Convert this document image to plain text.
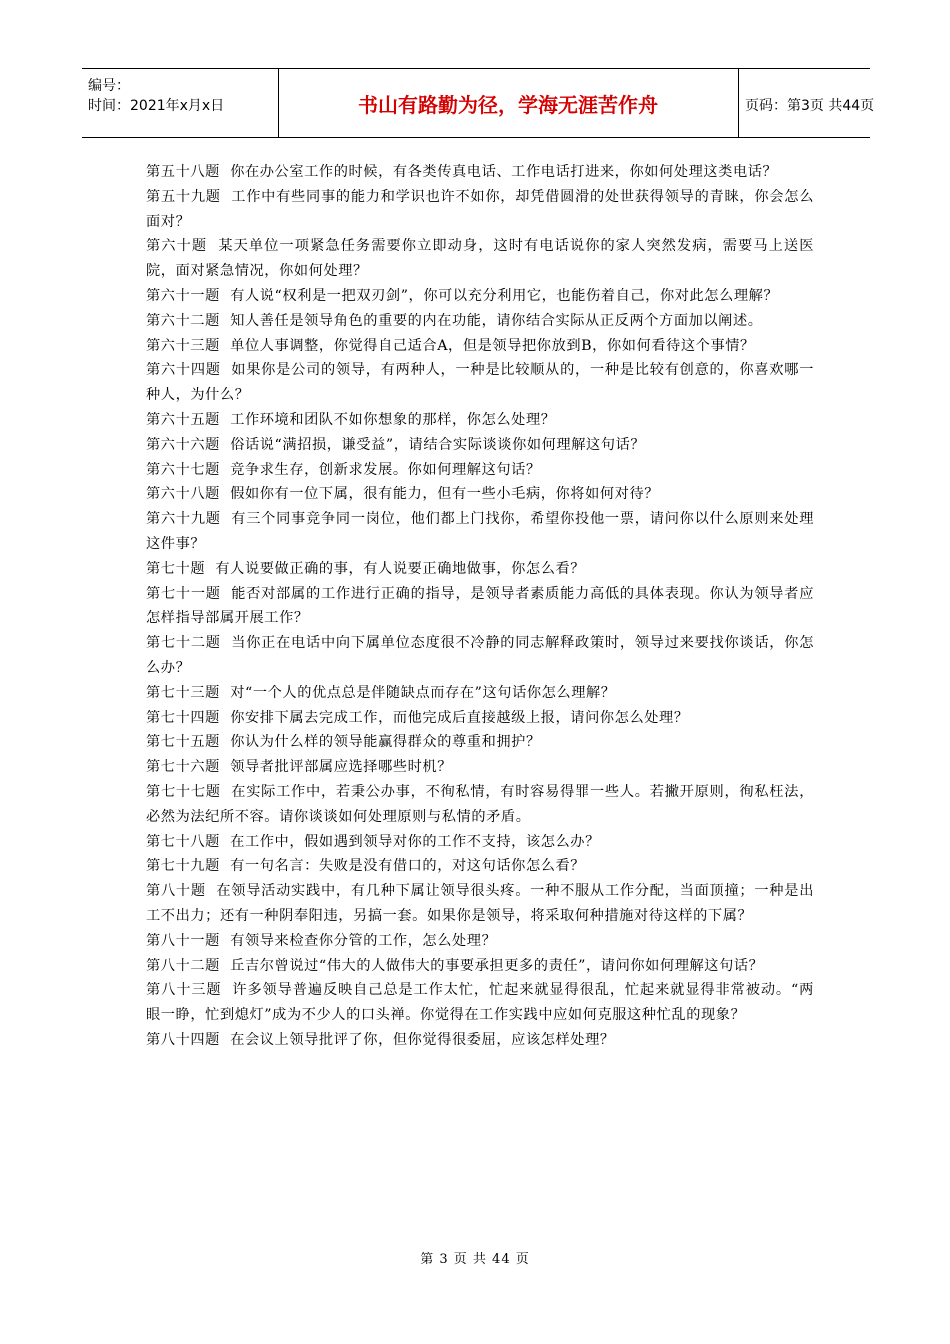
编号：
时间：2021年x月x日	书山有路勤为径，学海无涯苦作舟	页码：第3页 共44页

第五十八题 你在办公室工作的时候，有各类传真电话、工作电话打进来，你如何处理这类电话？

第五十九题 工作中有些同事的能力和学识也许不如你，却凭借圆滑的处世获得领导的青睐，你会怎么面对？

第六十题 某天单位一项紧急任务需要你立即动身，这时有电话说你的家人突然发病，需要马上送医院，面对紧急情况，你如何处理？

第六十一题 有人说“权利是一把双刃剑”，你可以充分利用它，也能伤着自己，你对此怎么理解？

第六十二题 知人善任是领导角色的重要的内在功能，请你结合实际从正反两个方面加以阐述。

第六十三题 单位人事调整，你觉得自己适合A，但是领导把你放到B，你如何看待这个事情？

第六十四题 如果你是公司的领导，有两种人，一种是比较顺从的，一种是比较有创意的，你喜欢哪一种人，为什么？

第六十五题 工作环境和团队不如你想象的那样，你怎么处理？

第六十六题 俗话说“满招损，谦受益”，请结合实际谈谈你如何理解这句话？

第六十七题 竞争求生存，创新求发展。你如何理解这句话？

第六十八题 假如你有一位下属，很有能力，但有一些小毛病，你将如何对待？

第六十九题 有三个同事竞争同一岗位，他们都上门找你，希望你投他一票，请问你以什么原则来处理这件事？

第七十题 有人说要做正确的事，有人说要正确地做事，你怎么看？

第七十一题 能否对部属的工作进行正确的指导，是领导者素质能力高低的具体表现。你认为领导者应怎样指导部属开展工作？

第七十二题 当你正在电话中向下属单位态度很不冷静的同志解释政策时，领导过来要找你谈话，你怎么办？

第七十三题 对“一个人的优点总是伴随缺点而存在”这句话你怎么理解？

第七十四题 你安排下属去完成工作，而他完成后直接越级上报，请问你怎么处理？

第七十五题 你认为什么样的领导能赢得群众的尊重和拥护？

第七十六题 领导者批评部属应选择哪些时机？

第七十七题 在实际工作中，若秉公办事，不徇私情，有时容易得罪一些人。若撇开原则，徇私枉法，必然为法纪所不容。请你谈谈如何处理原则与私情的矛盾。

第七十八题 在工作中，假如遇到领导对你的工作不支持，该怎么办？

第七十九题 有一句名言：失败是没有借口的，对这句话你怎么看？

第八十题 在领导活动实践中，有几种下属让领导很头疼。一种不服从工作分配，当面顶撞；一种是出工不出力；还有一种阴奉阳违，另搞一套。如果你是领导，将采取何种措施对待这样的下属？

第八十一题 有领导来检查你分管的工作，怎么处理？

第八十二题 丘吉尔曾说过“伟大的人做伟大的事要承担更多的责任”，请问你如何理解这句话？

第八十三题 许多领导普遍反映自己总是工作太忙，忙起来就显得很乱，忙起来就显得非常被动。“两眼一睁，忙到熄灯”成为不少人的口头禅。你觉得在工作实践中应如何克服这种忙乱的现象？

第八十四题 在会议上领导批评了你，但你觉得很委屈，应该怎样处理？

第 3 页 共 44 页
